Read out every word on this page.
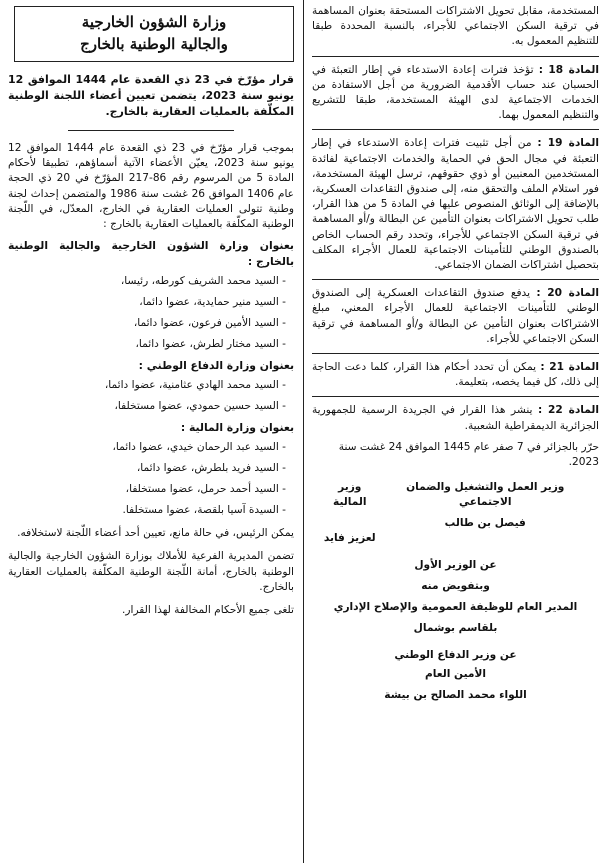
المستخدمة، مقابل تحويل الاشتراكات المستحقة بعنوان المساهمة في ترقية السكن الاجتماعي للأجراء، بالنسبة المحددة طبقا للتنظيم المعمول به.

المادة 18 : تؤخذ فترات إعادة الاستدعاء في إطار التعبئة في الحسبان عند حساب الأقدمية الضرورية من أجل الاستفادة من الخدمات الاجتماعية لدى الهيئة المستخدمة، طبقا للتشريع والتنظيم المعمول بهما.

المادة 19 : من أجل تثبيت فترات إعادة الاستدعاء في إطار التعبئة في مجال الحق في الحماية والخدمات الاجتماعية لفائدة المستخدمين المعنيين أو ذوي حقوقهم، ترسل الهيئة المستخدمة، فور استلام الملف والتحقق منه، إلى صندوق التقاعدات العسكرية، بالإضافة إلى الوثائق المنصوص عليها في المادة 5 من هذا القرار، طلب تحويل الاشتراكات بعنوان التأمين عن البطالة و/أو المساهمة في ترقية السكن الاجتماعي للأجراء، وتحدد رقم الحساب الخاص بالصندوق الوطني للتأمينات الاجتماعية للعمال الأجراء المكلف بتحصيل اشتراكات الضمان الاجتماعي.

المادة 20 : يدفع صندوق التقاعدات العسكرية إلى الصندوق الوطني للتأمينات الاجتماعية للعمال الأجراء المعني، مبلغ الاشتراكات بعنوان التأمين عن البطالة و/أو المساهمة في ترقية السكن الاجتماعي للأجراء.

المادة 21 : يمكن أن تحدد أحكام هذا القرار، كلما دعت الحاجة إلى ذلك، كل فيما يخصه، بتعليمة.

المادة 22 : ينشر هذا القرار في الجريدة الرسمية للجمهورية الجزائرية الديمقراطية الشعبية.

حرّر بالجزائر في 7 صفر عام 1445 الموافق 24 غشت سنة 2023.

وزير العمل والتشغيل والضمان الاجتماعي
فيصل بن طالب
وزير المالية
لعزيز فايد
عن الوزير الأول
وبتفويض منه
المدير العام للوظيفة العمومية والإصلاح الإداري
بلقاسم بوشمال
عن وزير الدفاع الوطني
الأمين العام
اللواء محمد الصالح بن بيشة
وزارة الشؤون الخارجية
والجالية الوطنية بالخارج

قرار مؤرّخ في 23 ذي القعدة عام 1444 الموافق 12 يونيو سنة 2023، يتضمن تعيين أعضاء اللجنة الوطنية المكلّفة بالعمليات العقارية بالخارج.

بموجب قرار مؤرّخ في 23 ذي القعدة عام 1444 الموافق 12 يونيو سنة 2023، يعيّن الأعضاء الآتية أسماؤهم، تطبيقا لأحكام المادة 5 من المرسوم رقم 86-217 المؤرّخ في 20 ذي الحجة عام 1406 الموافق 26 غشت سنة 1986 والمتضمن إحداث لجنة وطنية تتولى العمليات العقارية في الخارج، المعدّل، في اللّجنة الوطنية المكلّفة بالعمليات العقارية بالخارج :

بعنوان وزارة الشؤون الخارجية والجالية الوطنية بالخارج :

- السيد محمد الشريف كورطه، رئيسا،
- السيد منير حمايدية، عضوا دائما،
- السيد الأمين فرعون، عضوا دائما،
- السيد مختار لطرش، عضوا دائما،

بعنوان وزارة الدفاع الوطني :

- السيد محمد الهادي عثامنية، عضوا دائما،
- السيد حسين حمودي، عضوا مستخلفا،

بعنوان وزارة المالية :

- السيد عبد الرحمان خيدي، عضوا دائما،
- السيد فريد بلطرش، عضوا دائما،
- السيد أحمد حرمل، عضوا مستخلفا،
- السيدة آسيا بلقصة، عضوا مستخلفا.

يمكن الرئيس، في حالة مانع، تعيين أحد أعضاء اللّجنة لاستخلافه.

تضمن المديرية الفرعية للأملاك بوزارة الشؤون الخارجية والجالية الوطنية بالخارج، أمانة اللّجنة الوطنية المكلّفة بالعمليات العقارية بالخارج.

تلغى جميع الأحكام المخالفة لهذا القرار.
